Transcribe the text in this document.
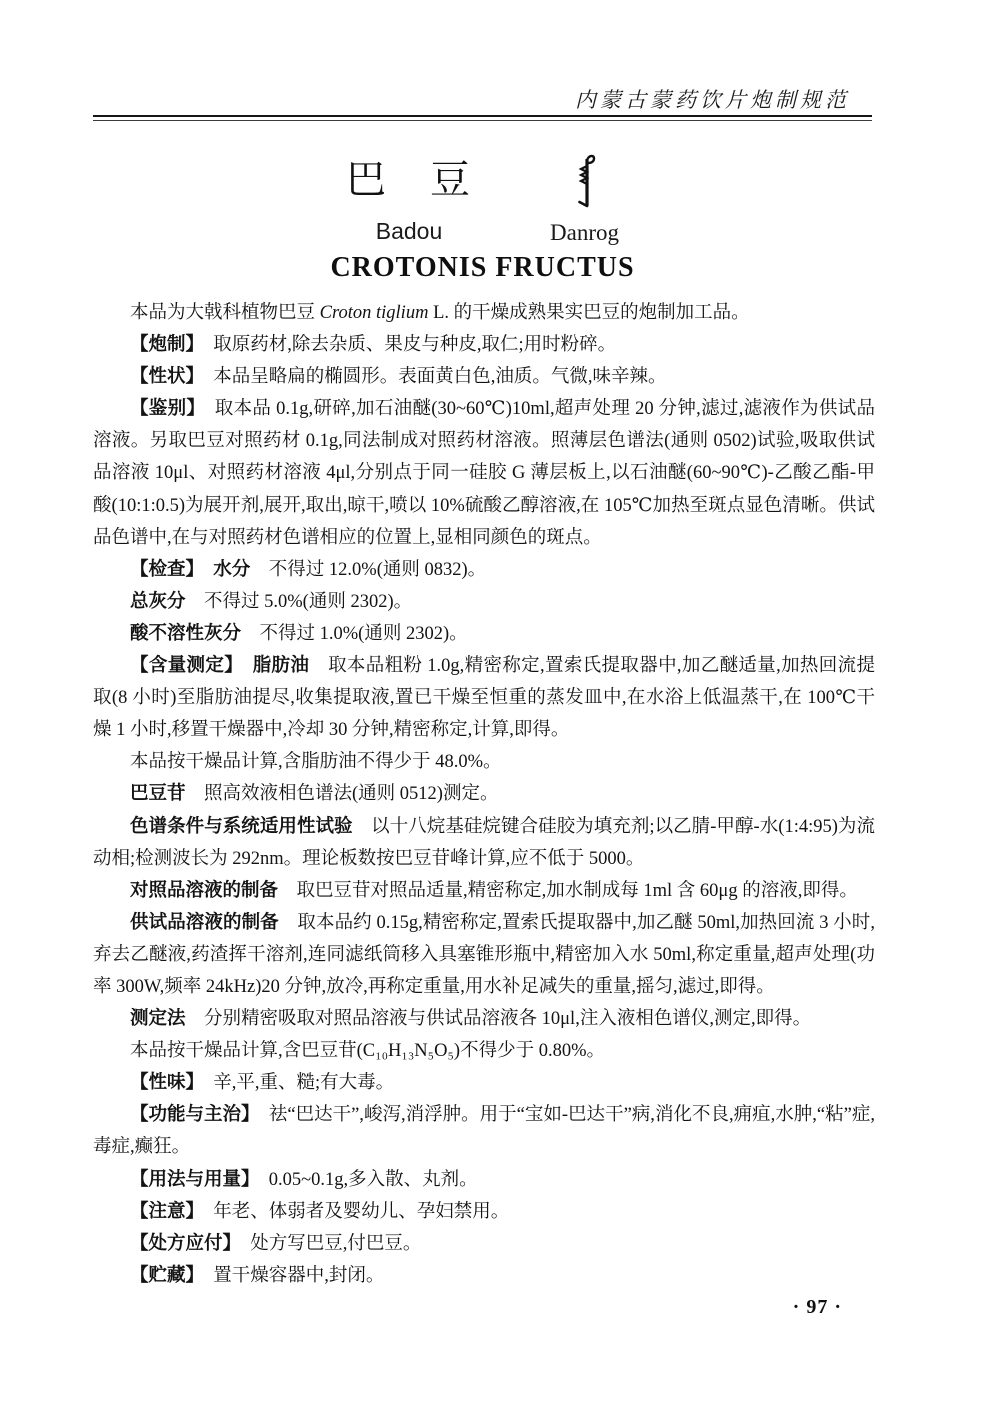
内蒙古蒙药饮片炮制规范
巴　豆
Badou	Danrog
CROTONIS FRUCTUS

本品为大戟科植物巴豆 Croton tiglium L. 的干燥成熟果实巴豆的炮制加工品。

【炮制】　取原药材,除去杂质、果皮与种皮,取仁;用时粉碎。

【性状】　本品呈略扁的椭圆形。表面黄白色,油质。气微,味辛辣。

【鉴别】　取本品 0.1g,研碎,加石油醚(30~60℃)10ml,超声处理 20 分钟,滤过,滤液作为供试品溶液。另取巴豆对照药材 0.1g,同法制成对照药材溶液。照薄层色谱法(通则 0502)试验,吸取供试品溶液 10μl、对照药材溶液 4μl,分别点于同一硅胶 G 薄层板上,以石油醚(60~90℃)-乙酸乙酯-甲酸(10:1:0.5)为展开剂,展开,取出,晾干,喷以 10%硫酸乙醇溶液,在 105℃加热至斑点显色清晰。供试品色谱中,在与对照药材色谱相应的位置上,显相同颜色的斑点。

【检查】　水分　不得过 12.0%(通则 0832)。

总灰分　不得过 5.0%(通则 2302)。

酸不溶性灰分　不得过 1.0%(通则 2302)。

【含量测定】　脂肪油　取本品粗粉 1.0g,精密称定,置索氏提取器中,加乙醚适量,加热回流提取(8 小时)至脂肪油提尽,收集提取液,置已干燥至恒重的蒸发皿中,在水浴上低温蒸干,在 100℃干燥 1 小时,移置干燥器中,冷却 30 分钟,精密称定,计算,即得。

本品按干燥品计算,含脂肪油不得少于 48.0%。

巴豆苷　照高效液相色谱法(通则 0512)测定。

色谱条件与系统适用性试验　以十八烷基硅烷键合硅胶为填充剂;以乙腈-甲醇-水(1:4:95)为流动相;检测波长为 292nm。理论板数按巴豆苷峰计算,应不低于 5000。

对照品溶液的制备　取巴豆苷对照品适量,精密称定,加水制成每 1ml 含 60μg 的溶液,即得。

供试品溶液的制备　取本品约 0.15g,精密称定,置索氏提取器中,加乙醚 50ml,加热回流 3 小时,弃去乙醚液,药渣挥干溶剂,连同滤纸筒移入具塞锥形瓶中,精密加入水 50ml,称定重量,超声处理(功率 300W,频率 24kHz)20 分钟,放冷,再称定重量,用水补足减失的重量,摇匀,滤过,即得。

测定法　分别精密吸取对照品溶液与供试品溶液各 10μl,注入液相色谱仪,测定,即得。

本品按干燥品计算,含巴豆苷(C₁₀H₁₃N₅O₅)不得少于 0.80%。

【性味】　辛,平,重、糙;有大毒。

【功能与主治】　祛“巴达干”,峻泻,消浮肿。用于“宝如-巴达干”病,消化不良,痈疽,水肿,“粘”症,毒症,癫狂。

【用法与用量】　0.05~0.1g,多入散、丸剂。

【注意】　年老、体弱者及婴幼儿、孕妇禁用。

【处方应付】　处方写巴豆,付巴豆。

【贮藏】　置干燥容器中,封闭。

· 97 ·
